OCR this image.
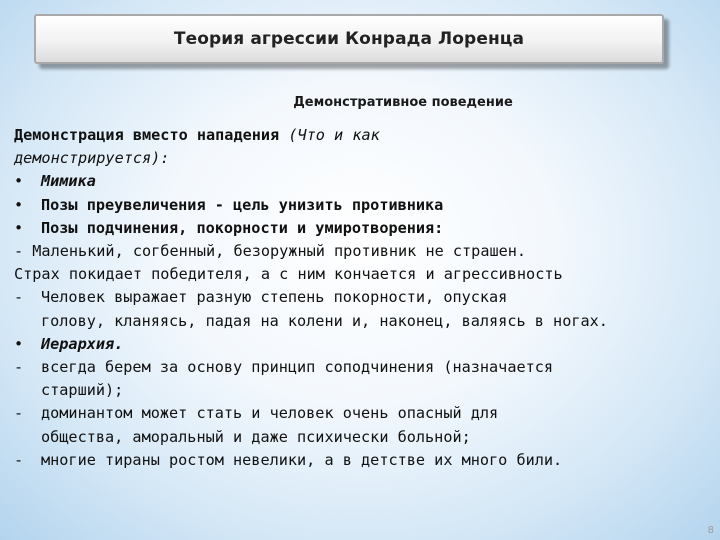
Теория агрессии Конрада Лоренца
Демонстративное поведение
Демонстрация вместо нападения (Что и как
демонстрируется):
• Мимика
• Позы преувеличения - цель унизить противника
• Позы подчинения, покорности и умиротворения:
- Маленький, согбенный, безоружный противник не страшен.
Страх покидает победителя, а с ним кончается и агрессивность
- Человек выражает разную степень покорности, опуская
голову, кланяясь, падая на колени и, наконец, валяясь в ногах.
• Иерархия.
- всегда берем за основу принцип соподчинения (назначается
старший);
- доминантом может стать и человек очень опасный для
общества, аморальный и даже психически больной;
- многие тираны ростом невелики, а в детстве их много били.
8
